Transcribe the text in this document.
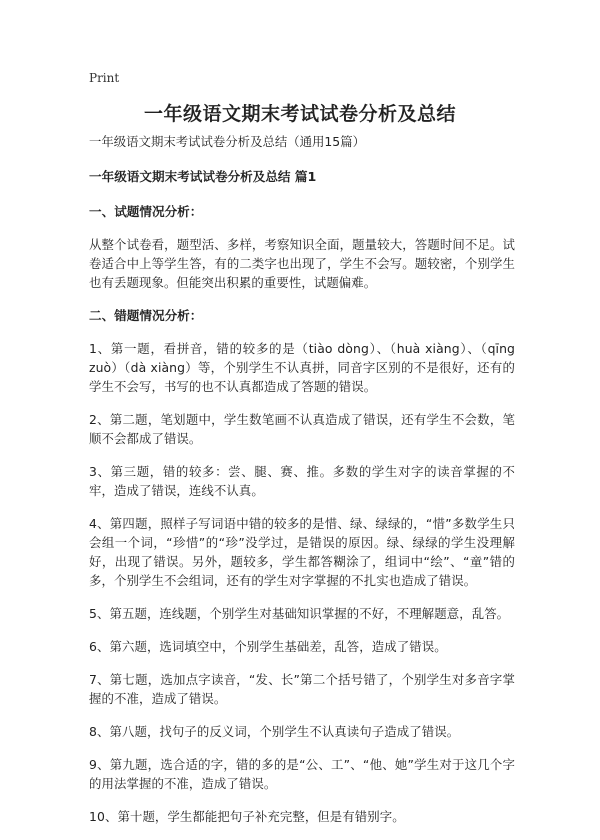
Print
一年级语文期末考试试卷分析及总结

一年级语文期末考试试卷分析及总结（通用15篇）

一年级语文期末考试试卷分析及总结 篇1

一、试题情况分析：

从整个试卷看，题型活、多样，考察知识全面，题量较大，答题时间不足。试卷适合中上等学生答，有的二类字也出现了，学生不会写。题较密，个别学生也有丢题现象。但能突出积累的重要性，试题偏难。

二、错题情况分析：

1、第一题，看拼音，错的较多的是（tiào dòng）、（huà xiàng）、（qīng zuò）（dà xiàng）等，个别学生不认真拼，同音字区别的不是很好，还有的学生不会写，书写的也不认真都造成了答题的错误。

2、第二题，笔划题中，学生数笔画不认真造成了错误，还有学生不会数，笔顺不会都成了错误。

3、第三题，错的较多：尝、腿、赛、推。多数的学生对字的读音掌握的不牢，造成了错误，连线不认真。

4、第四题，照样子写词语中错的较多的是惜、绿、绿绿的，“惜”多数学生只会组一个词，“珍惜”的“珍”没学过，是错误的原因。绿、绿绿的学生没理解好，出现了错误。另外，题较多，学生都答糊涂了，组词中“绘”、“童”错的多，个别学生不会组词，还有的学生对字掌握的不扎实也造成了错误。

5、第五题，连线题，个别学生对基础知识掌握的不好，不理解题意，乱答。

6、第六题，选词填空中，个别学生基础差，乱答，造成了错误。

7、第七题，选加点字读音，“发、长”第二个括号错了，个别学生对多音字掌握的不准，造成了错误。

8、第八题，找句子的反义词，个别学生不认真读句子造成了错误。

9、第九题，选合适的字，错的多的是“公、工”、“他、她”学生对于这几个字的用法掌握的不准，造成了错误。

10、第十题，学生都能把句子补充完整，但是有错别字。
